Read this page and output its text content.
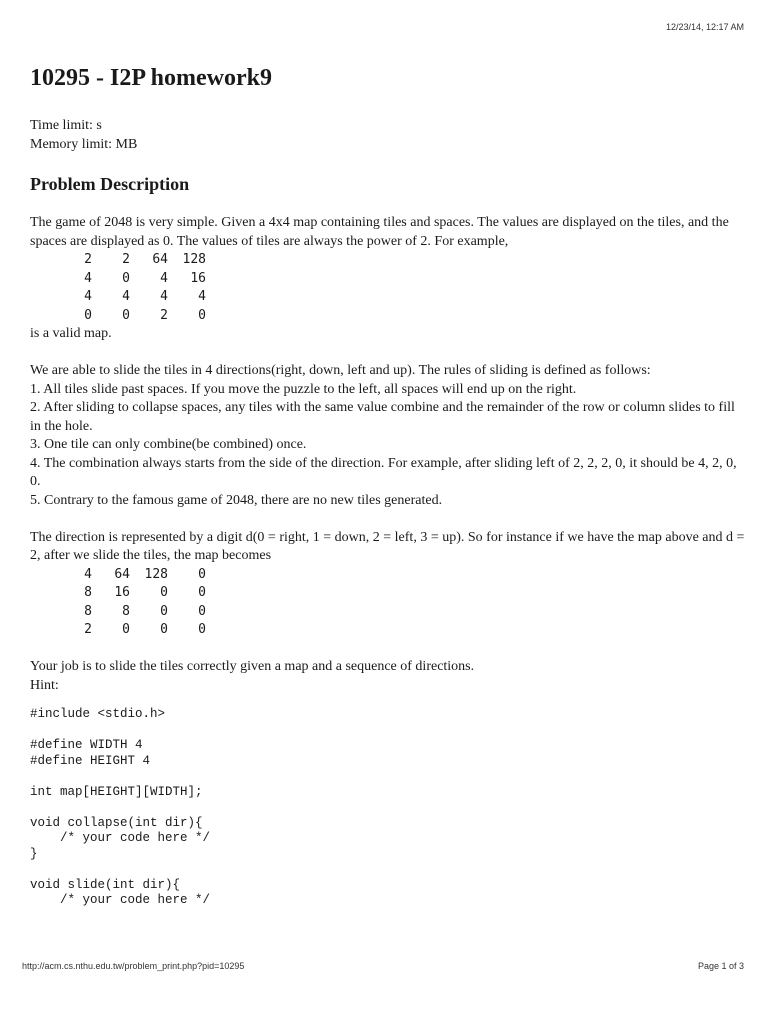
12/23/14, 12:17 AM
10295 - I2P homework9
Time limit: s
Memory limit: MB
Problem Description

The game of 2048 is very simple. Given a 4x4 map containing tiles and spaces. The values are displayed on the tiles, and the spaces are displayed as 0. The values of tiles are always the power of 2. For example,

2	2	64	128
4	0	4	16
4	4	4	4
0	0	2	0

is a valid map.

We are able to slide the tiles in 4 directions(right, down, left and up). The rules of sliding is defined as follows:

1. All tiles slide past spaces. If you move the puzzle to the left, all spaces will end up on the right.

2. After sliding to collapse spaces, any tiles with the same value combine and the remainder of the row or column slides to fill in the hole.

3. One tile can only combine(be combined) once.

4. The combination always starts from the side of the direction. For example, after sliding left of 2, 2, 2, 0, it should be 4, 2, 0, 0.

5. Contrary to the famous game of 2048, there are no new tiles generated.

The direction is represented by a digit d(0 = right, 1 = down, 2 = left, 3 = up). So for instance if we have the map above and d = 2, after we slide the tiles, the map becomes

4	64	128	0
8	16	0	0
8	8	0	0
2	0	0	0

Your job is to slide the tiles correctly given a map and a sequence of directions.

Hint:

#include <stdio.h>

#define WIDTH 4
#define HEIGHT 4

int map[HEIGHT][WIDTH];

void collapse(int dir){
/* your code here */
}

void slide(int dir){
/* your code here */
http://acm.cs.nthu.edu.tw/problem_print.php?pid=10295	Page 1 of 3
